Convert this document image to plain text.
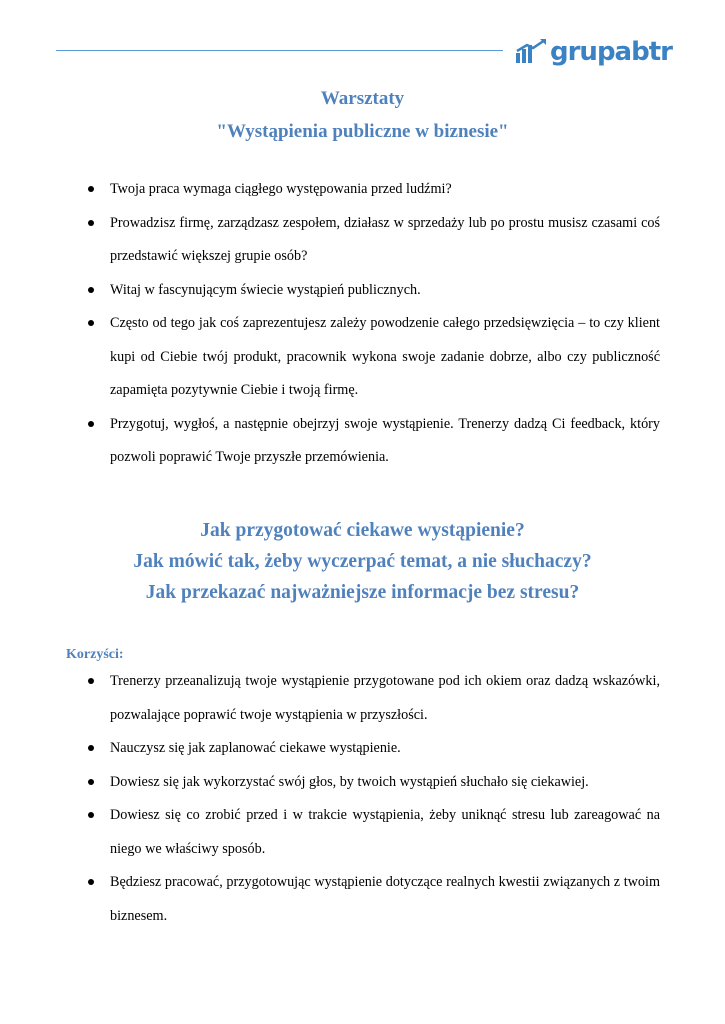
grupabtr
Warsztaty
"Wystąpienia publiczne w biznesie"
Twoja praca wymaga ciągłego występowania przed ludźmi?
Prowadzisz firmę, zarządzasz zespołem, działasz w sprzedaży lub po prostu musisz czasami coś przedstawić większej grupie osób?
Witaj w fascynującym świecie wystąpień publicznych.
Często od tego jak coś zaprezentujesz zależy powodzenie całego przedsięwzięcia – to czy klient kupi od Ciebie twój produkt, pracownik wykona swoje zadanie dobrze, albo czy publiczność zapamięta pozytywnie Ciebie i twoją firmę.
Przygotuj, wygłoś, a następnie obejrzyj swoje wystąpienie. Trenerzy dadzą Ci feedback, który pozwoli poprawić Twoje przyszłe przemówienia.
Jak przygotować ciekawe wystąpienie?
Jak mówić tak, żeby wyczerpać temat, a nie słuchaczy?
Jak przekazać najważniejsze informacje bez stresu?
Korzyści:
Trenerzy przeanalizują twoje wystąpienie przygotowane pod ich okiem oraz dadzą wskazówki, pozwalające poprawić twoje wystąpienia w przyszłości.
Nauczysz się jak zaplanować ciekawe wystąpienie.
Dowiesz się jak wykorzystać swój głos, by twoich wystąpień słuchało się ciekawiej.
Dowiesz się co zrobić przed i w trakcie wystąpienia, żeby uniknąć stresu lub zareagować na niego we właściwy sposób.
Będziesz pracować, przygotowując wystąpienie dotyczące realnych kwestii związanych z twoim biznesem.
